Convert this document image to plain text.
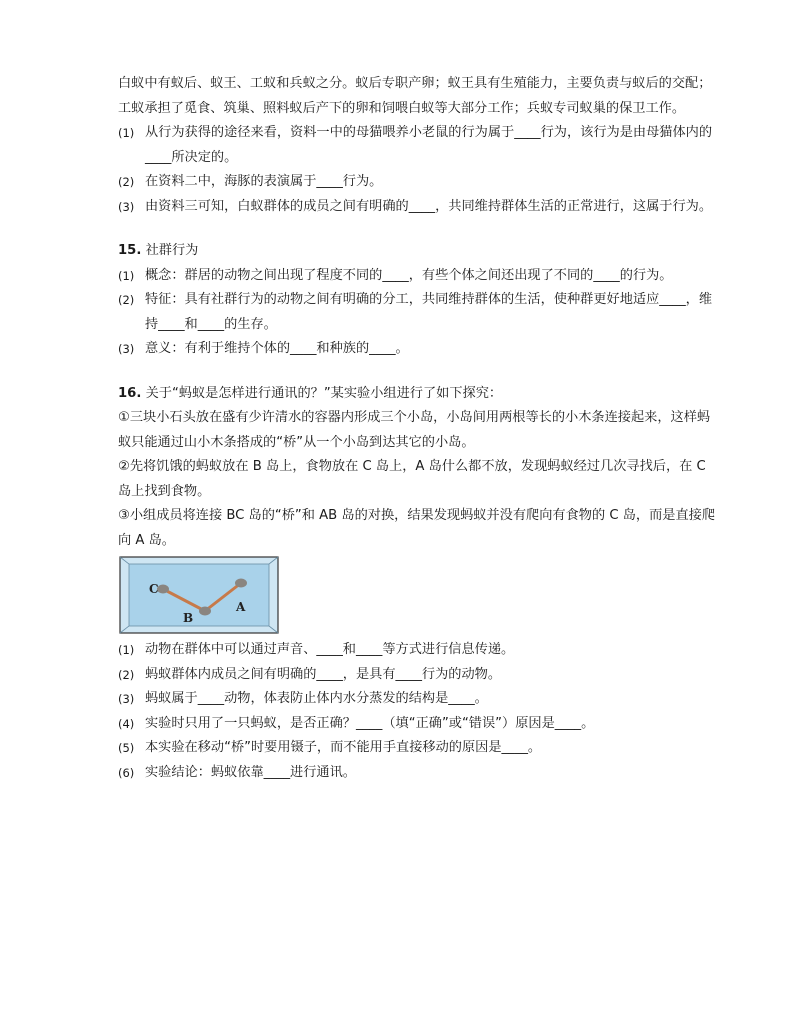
白蚁中有蚁后、蚁王、工蚁和兵蚁之分。蚁后专职产卵；蚁王具有生殖能力，主要负责与蚁后的交配；工蚁承担了觅食、筑巢、照料蚁后产下的卵和饲喂白蚁等大部分工作；兵蚁专司蚁巢的保卫工作。

(1) 从行为获得的途径来看，资料一中的母猫喂养小老鼠的行为属于____行为，该行为是由母猫体内的____所决定的。

(2) 在资料二中，海豚的表演属于____行为。

(3) 由资料三可知，白蚁群体的成员之间有明确的____，共同维持群体生活的正常进行，这属于行为。

15. 社群行为

(1) 概念：群居的动物之间出现了程度不同的____，有些个体之间还出现了不同的____的行为。

(2) 特征：具有社群行为的动物之间有明确的分工，共同维持群体的生活，使种群更好地适应____，维持____和____的生存。

(3) 意义：有利于维持个体的____和种族的____。

16. 关于“蚂蚁是怎样进行通讯的？”某实验小组进行了如下探究：

①三块小石头放在盛有少许清水的容器内形成三个小岛，小岛间用两根等长的小木条连接起来，这样蚂蚁只能通过山小木条搭成的“桥”从一个小岛到达其它的小岛。

②先将饥饿的蚂蚁放在 B 岛上，食物放在 C 岛上，A 岛什么都不放，发现蚂蚁经过几次寻找后，在 C 岛上找到食物。

③小组成员将连接 BC 岛的“桥”和 AB 岛的对换，结果发现蚂蚁并没有爬向有食物的 C 岛，而是直接爬向 A 岛。

C
B
A

(1) 动物在群体中可以通过声音、____和____等方式进行信息传递。

(2) 蚂蚁群体内成员之间有明确的____，是具有____行为的动物。

(3) 蚂蚁属于____动物，体表防止体内水分蒸发的结构是____。

(4) 实验时只用了一只蚂蚁，是否正确？____（填“正确”或“错误”）原因是____。

(5) 本实验在移动“桥”时要用镊子，而不能用手直接移动的原因是____。

(6) 实验结论：蚂蚁依靠____进行通讯。
